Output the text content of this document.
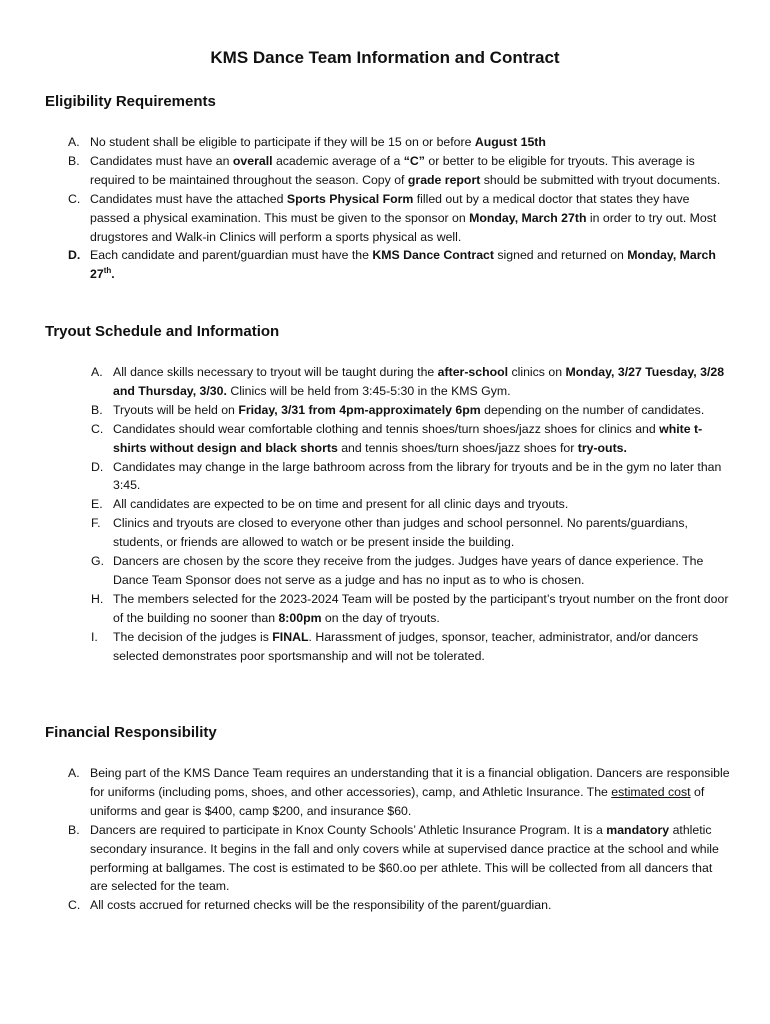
KMS Dance Team Information and Contract
Eligibility Requirements
A. No student shall be eligible to participate if they will be 15 on or before August 15th
B. Candidates must have an overall academic average of a “C” or better to be eligible for tryouts. This average is required to be maintained throughout the season. Copy of grade report should be submitted with tryout documents.
C. Candidates must have the attached Sports Physical Form filled out by a medical doctor that states they have passed a physical examination. This must be given to the sponsor on Monday, March 27th in order to try out. Most drugstores and Walk-in Clinics will perform a sports physical as well.
D. Each candidate and parent/guardian must have the KMS Dance Contract signed and returned on Monday, March 27th.
Tryout Schedule and Information
A. All dance skills necessary to tryout will be taught during the after-school clinics on Monday, 3/27 Tuesday, 3/28 and Thursday, 3/30. Clinics will be held from 3:45-5:30 in the KMS Gym.
B. Tryouts will be held on Friday, 3/31 from 4pm-approximately 6pm depending on the number of candidates.
C. Candidates should wear comfortable clothing and tennis shoes/turn shoes/jazz shoes for clinics and white t-shirts without design and black shorts and tennis shoes/turn shoes/jazz shoes for try-outs.
D. Candidates may change in the large bathroom across from the library for tryouts and be in the gym no later than 3:45.
E. All candidates are expected to be on time and present for all clinic days and tryouts.
F. Clinics and tryouts are closed to everyone other than judges and school personnel. No parents/guardians, students, or friends are allowed to watch or be present inside the building.
G. Dancers are chosen by the score they receive from the judges. Judges have years of dance experience. The Dance Team Sponsor does not serve as a judge and has no input as to who is chosen.
H. The members selected for the 2023-2024 Team will be posted by the participant’s tryout number on the front door of the building no sooner than 8:00pm on the day of tryouts.
I. The decision of the judges is FINAL. Harassment of judges, sponsor, teacher, administrator, and/or dancers selected demonstrates poor sportsmanship and will not be tolerated.
Financial Responsibility
A. Being part of the KMS Dance Team requires an understanding that it is a financial obligation. Dancers are responsible for uniforms (including poms, shoes, and other accessories), camp, and Athletic Insurance. The estimated cost of uniforms and gear is $400, camp $200, and insurance $60.
B. Dancers are required to participate in Knox County Schools’ Athletic Insurance Program. It is a mandatory athletic secondary insurance. It begins in the fall and only covers while at supervised dance practice at the school and while performing at ballgames. The cost is estimated to be $60.oo per athlete. This will be collected from all dancers that are selected for the team.
C. All costs accrued for returned checks will be the responsibility of the parent/guardian.
